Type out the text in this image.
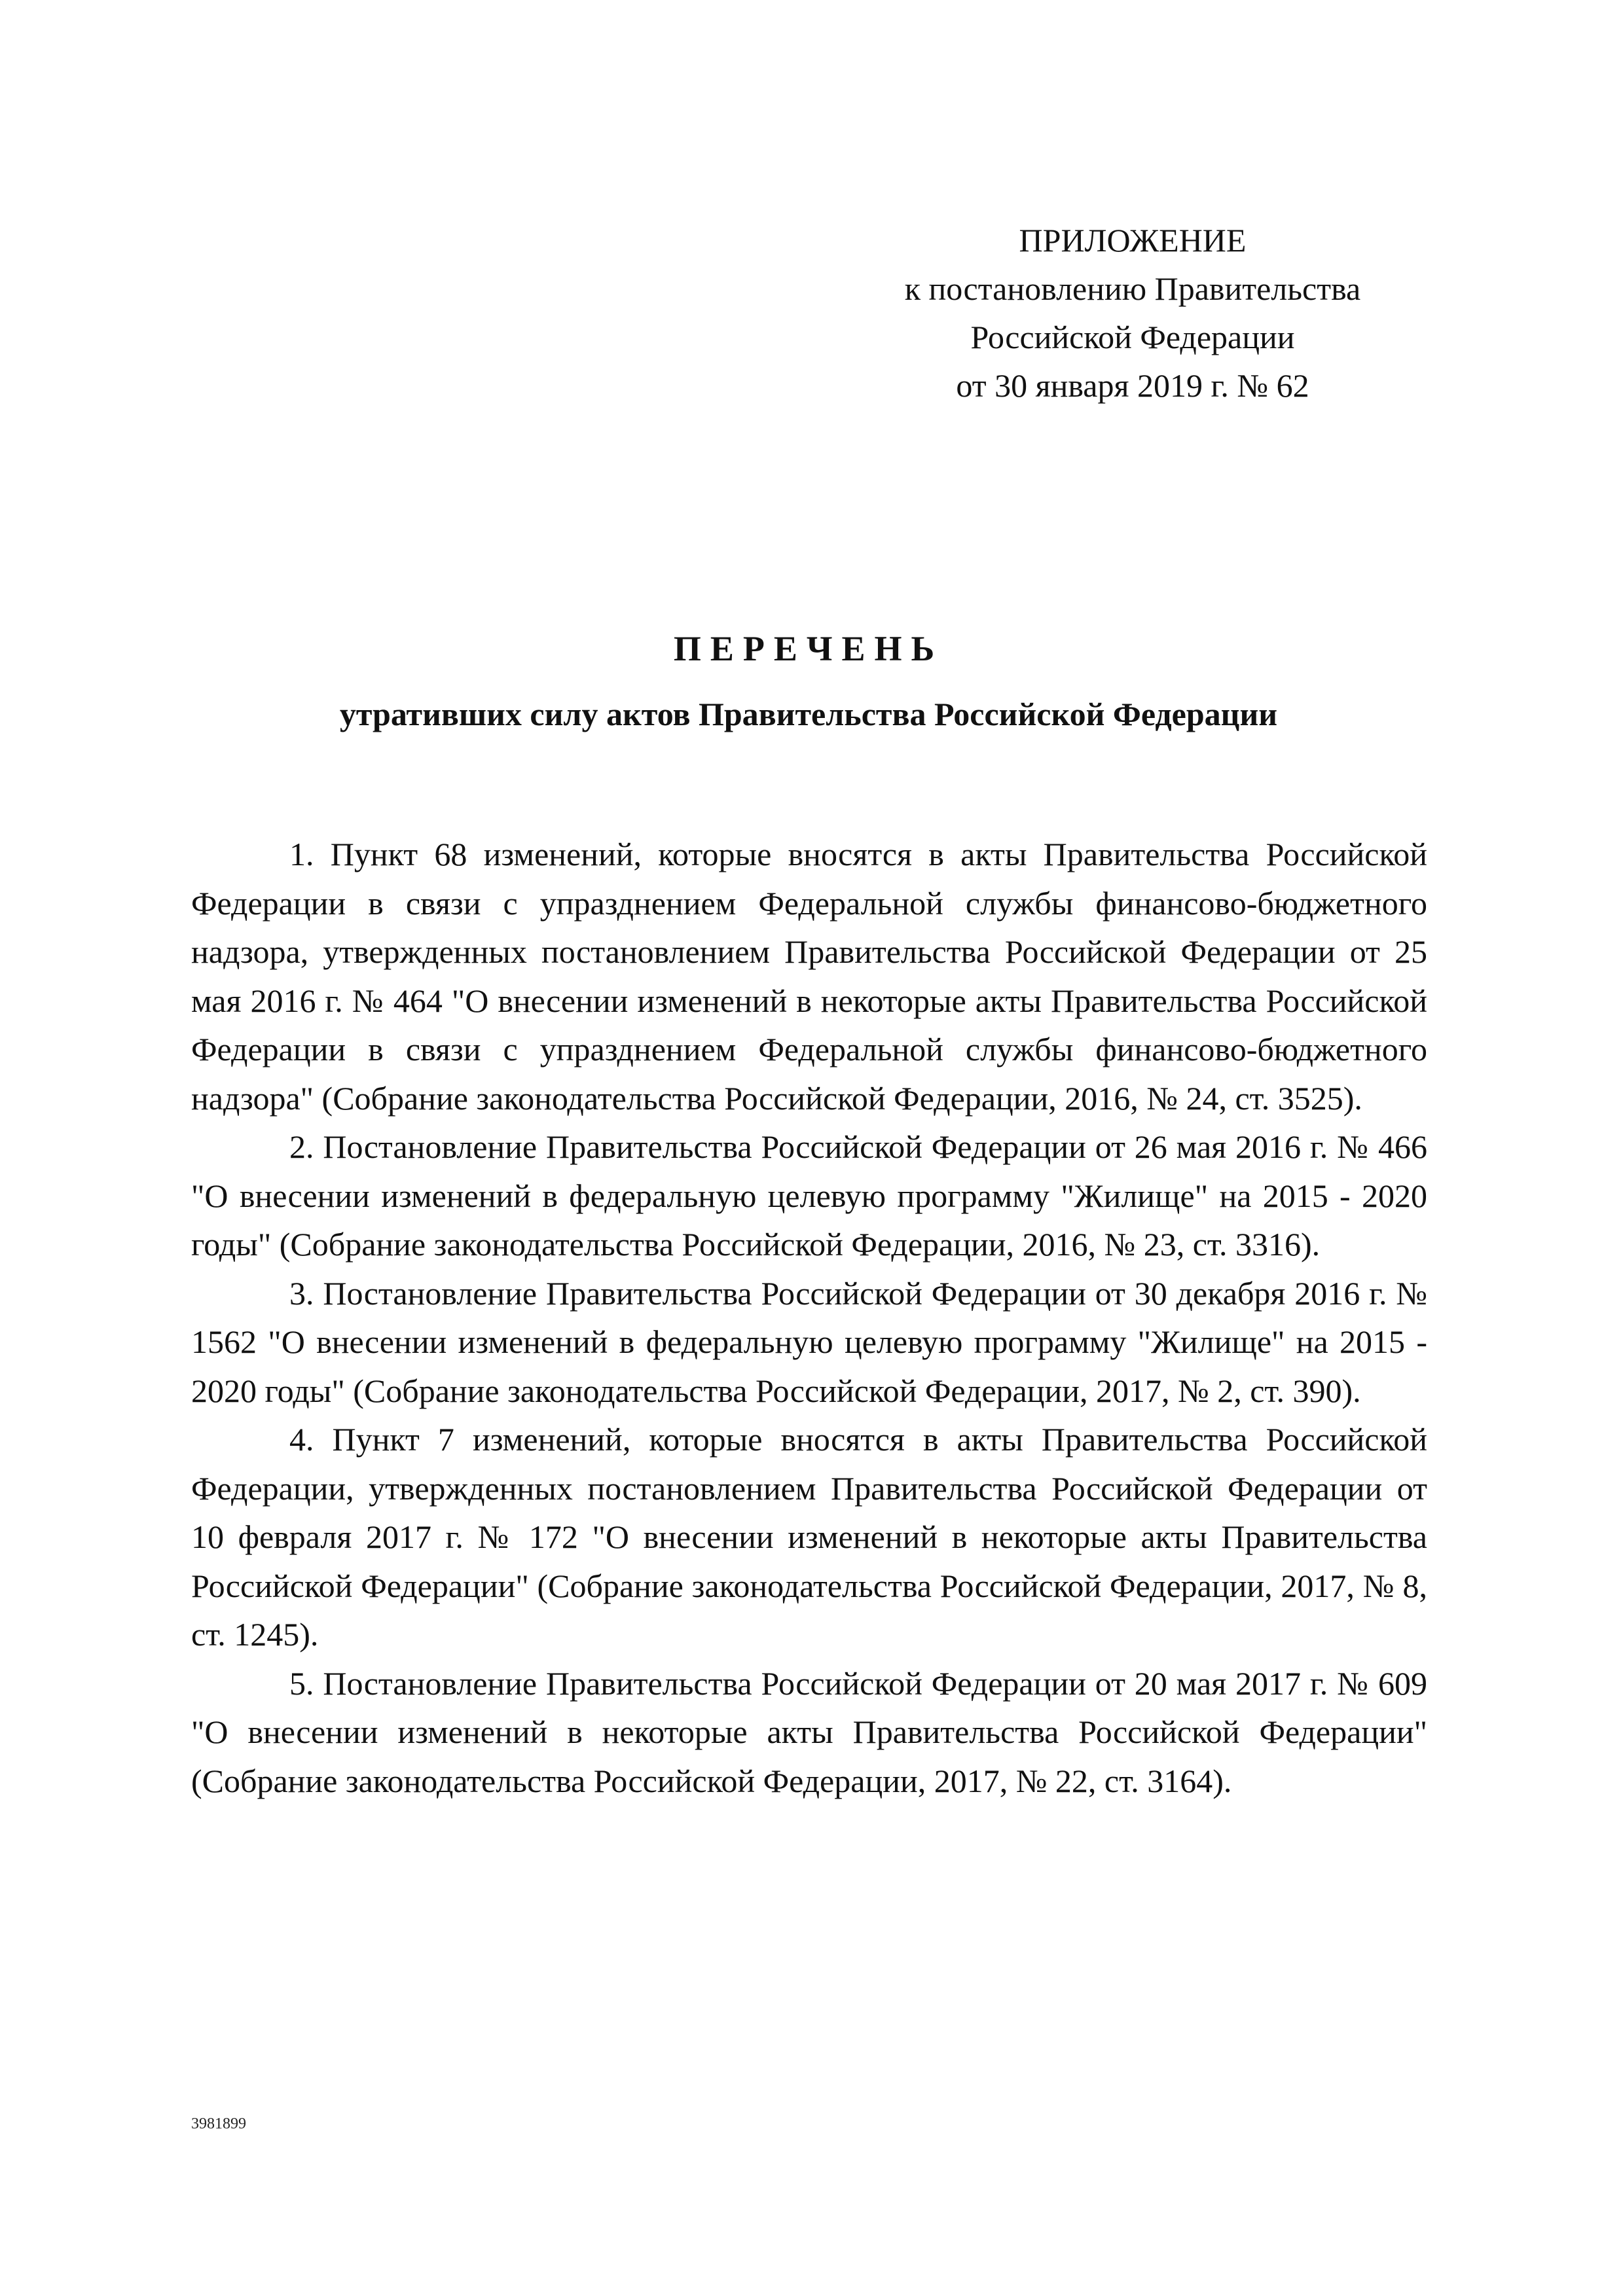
ПРИЛОЖЕНИЕ
к постановлению Правительства
Российской Федерации
от 30 января 2019 г. № 62
ПЕРЕЧЕНЬ
утративших силу актов Правительства Российской Федерации

1. Пункт 68 изменений, которые вносятся в акты Правительства Российской Федерации в связи с упразднением Федеральной службы финансово-бюджетного надзора, утвержденных постановлением Правительства Российской Федерации от 25 мая 2016 г. № 464 "О внесении изменений в некоторые акты Правительства Российской Федерации в связи с упразднением Федеральной службы финансово-бюджетного надзора" (Собрание законодательства Российской Федерации, 2016, № 24, ст. 3525).

2. Постановление Правительства Российской Федерации от 26 мая 2016 г. № 466 "О внесении изменений в федеральную целевую программу "Жилище" на 2015 - 2020 годы" (Собрание законодательства Российской Федерации, 2016, № 23, ст. 3316).

3. Постановление Правительства Российской Федерации от 30 декабря 2016 г. № 1562 "О внесении изменений в федеральную целевую программу "Жилище" на 2015 - 2020 годы" (Собрание законодательства Российской Федерации, 2017, № 2, ст. 390).

4. Пункт 7 изменений, которые вносятся в акты Правительства Российской Федерации, утвержденных постановлением Правительства Российской Федерации от 10 февраля 2017 г. № 172 "О внесении изменений в некоторые акты Правительства Российской Федерации" (Собрание законодательства Российской Федерации, 2017, № 8, ст. 1245).

5. Постановление Правительства Российской Федерации от 20 мая 2017 г. № 609 "О внесении изменений в некоторые акты Правительства Российской Федерации" (Собрание законодательства Российской Федерации, 2017, № 22, ст. 3164).

3981899
